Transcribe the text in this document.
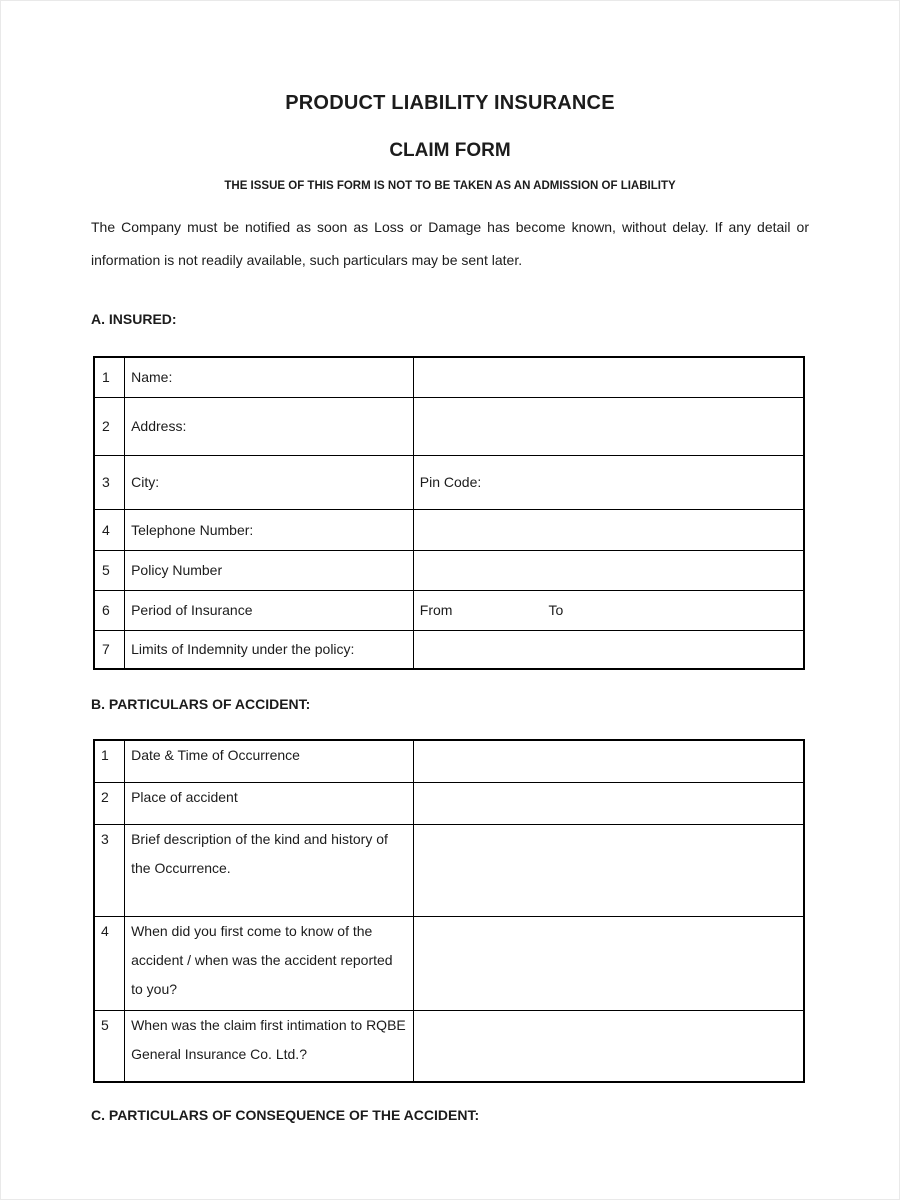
PRODUCT LIABILITY INSURANCE
CLAIM FORM

THE ISSUE OF THIS FORM IS NOT TO BE TAKEN AS AN ADMISSION OF LIABILITY

The Company must be notified as soon as Loss or Damage has become known, without delay. If any detail or information is not readily available, such particulars may be sent later.

A. INSURED:

1	Name:	
2	Address:	
3	City:	Pin Code:
4	Telephone Number:	
5	Policy Number	
6	Period of Insurance	From To
7	Limits of Indemnity under the policy:	

B. PARTICULARS OF ACCIDENT:

1	Date & Time of Occurrence	
2	Place of accident	
3	Brief description of the kind and history of the Occurrence.	
4	When did you first come to know of the accident / when was the accident reported to you?	
5	When was the claim first intimation to RQBE General Insurance Co. Ltd.?	

C. PARTICULARS OF CONSEQUENCE OF THE ACCIDENT:
